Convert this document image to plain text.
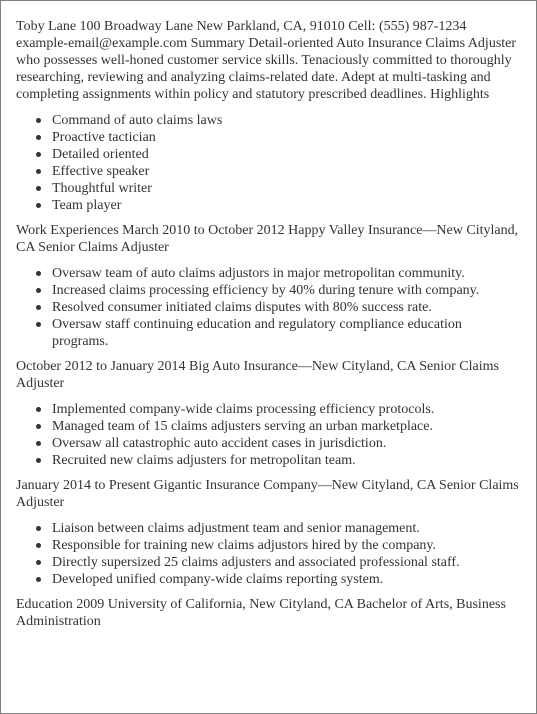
Toby Lane 100 Broadway Lane New Parkland, CA, 91010 Cell: (555) 987-1234 example-email@example.com Summary Detail-oriented Auto Insurance Claims Adjuster who possesses well-honed customer service skills. Tenaciously committed to thoroughly researching, reviewing and analyzing claims-related date. Adept at multi-tasking and completing assignments within policy and statutory prescribed deadlines. Highlights

Command of auto claims laws
Proactive tactician
Detailed oriented
Effective speaker
Thoughtful writer
Team player

Work Experiences March 2010 to October 2012 Happy Valley Insurance—New Cityland, CA Senior Claims Adjuster

Oversaw team of auto claims adjustors in major metropolitan community.
Increased claims processing efficiency by 40% during tenure with company.
Resolved consumer initiated claims disputes with 80% success rate.
Oversaw staff continuing education and regulatory compliance education programs.

October 2012 to January 2014 Big Auto Insurance—New Cityland, CA Senior Claims Adjuster

Implemented company-wide claims processing efficiency protocols.
Managed team of 15 claims adjusters serving an urban marketplace.
Oversaw all catastrophic auto accident cases in jurisdiction.
Recruited new claims adjusters for metropolitan team.

January 2014 to Present Gigantic Insurance Company—New Cityland, CA Senior Claims Adjuster

Liaison between claims adjustment team and senior management.
Responsible for training new claims adjustors hired by the company.
Directly supersized 25 claims adjusters and associated professional staff.
Developed unified company-wide claims reporting system.

Education 2009 University of California, New Cityland, CA Bachelor of Arts, Business Administration
